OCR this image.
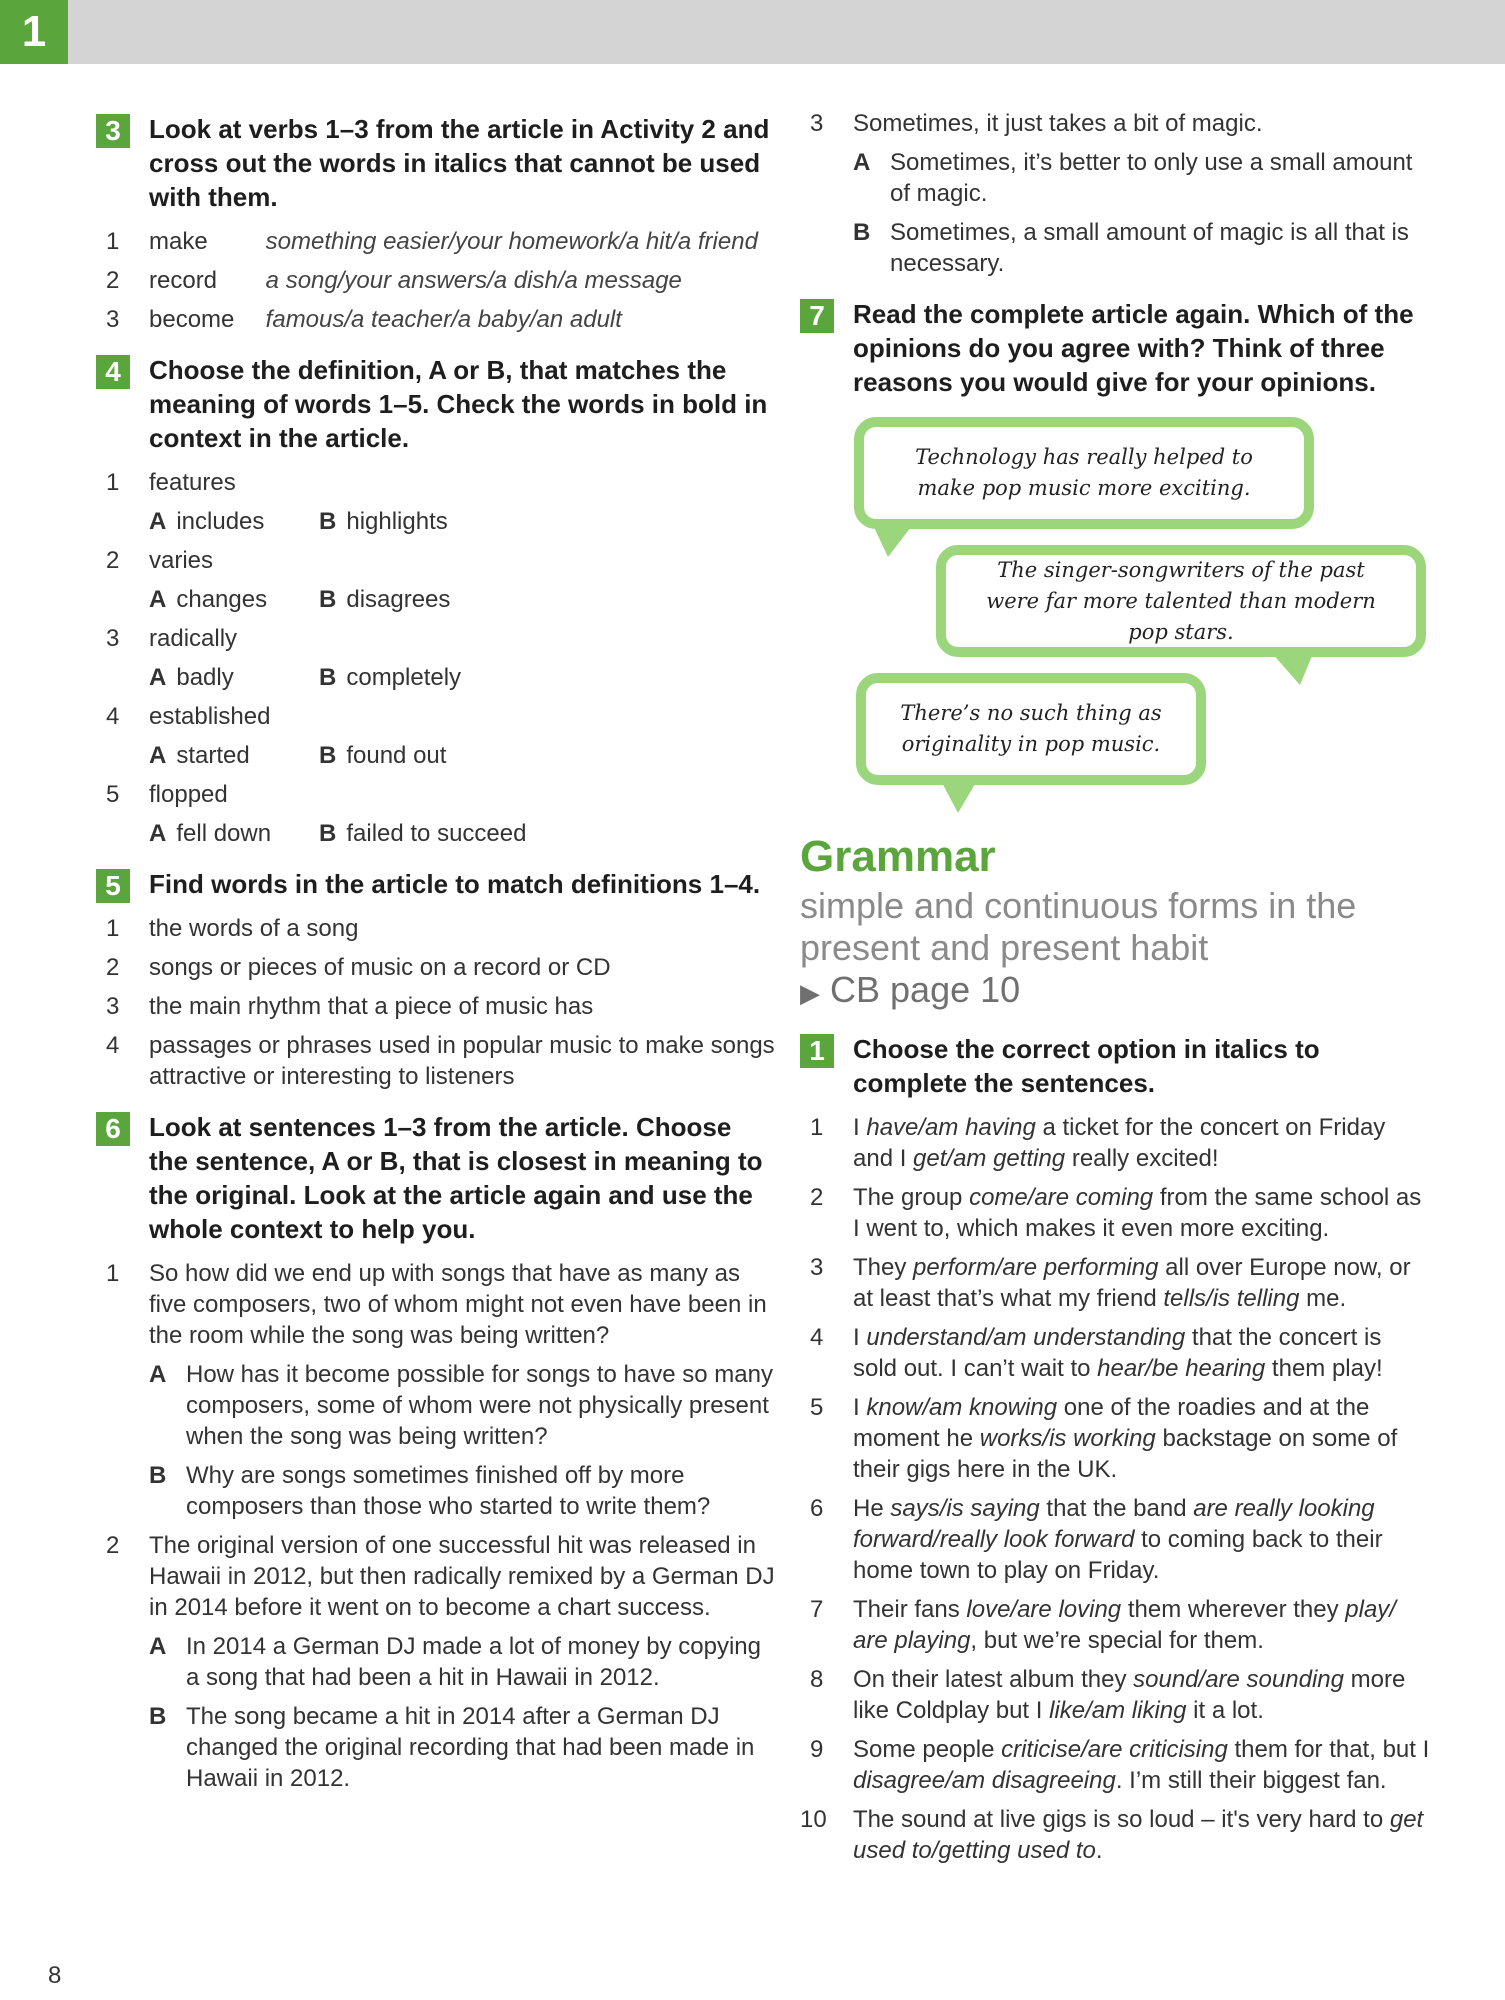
1
3	Look at verbs 1–3 from the article in Activity 2 and cross out the words in italics that cannot be used with them.
1 make something easier/your homework/a hit/a friend
2 record a song/your answers/a dish/a message
3 become famous/a teacher/a baby/an adult
4	Choose the definition, A or B, that matches the meaning of words 1–5. Check the words in bold in context in the article.
1 features
A includes B highlights
2 varies
A changes B disagrees
3 radically
A badly	B completely
4 established
A started	B found out
5 flopped
A fell down B failed to succeed
5	Find words in the article to match definitions 1–4.
1 the words of a song
2 songs or pieces of music on a record or CD
3 the main rhythm that a piece of music has
4 passages or phrases used in popular music to make songs attractive or interesting to listeners
6	Look at sentences 1–3 from the article. Choose the sentence, A or B, that is closest in meaning to the original. Look at the article again and use the whole context to help you.
1 So how did we end up with songs that have as many as five composers, two of whom might not even have been in the room while the song was being written?
A How has it become possible for songs to have so many composers, some of whom were not physically present when the song was being written?
B Why are songs sometimes finished off by more composers than those who started to write them?
2 The original version of one successful hit was released in Hawaii in 2012, but then radically remixed by a German DJ in 2014 before it went on to become a chart success.
A In 2014 a German DJ made a lot of money by copying a song that had been a hit in Hawaii in 2012.
B The song became a hit in 2014 after a German DJ changed the original recording that had been made in Hawaii in 2012.
3 Sometimes, it just takes a bit of magic.
A Sometimes, it’s better to only use a small amount of magic.
B Sometimes, a small amount of magic is all that is necessary.
7	Read the complete article again. Which of the opinions do you agree with? Think of three reasons you would give for your opinions.
Technology has really helped to make pop music more exciting.
The singer-songwriters of the past were far more talented than modern pop stars.
There’s no such thing as originality in pop music.
Grammar
simple and continuous forms in the present and present habit
▶ CB page 10
1	Choose the correct option in italics to complete the sentences.
1 I have/am having a ticket for the concert on Friday and I get/am getting really excited!
2 The group come/are coming from the same school as I went to, which makes it even more exciting.
3 They perform/are performing all over Europe now, or at least that’s what my friend tells/is telling me.
4 I understand/am understanding that the concert is sold out. I can’t wait to hear/be hearing them play!
5 I know/am knowing one of the roadies and at the moment he works/is working backstage on some of their gigs here in the UK.
6 He says/is saying that the band are really looking forward/really look forward to coming back to their home town to play on Friday.
7 Their fans love/are loving them wherever they play/ are playing, but we’re special for them.
8 On their latest album they sound/are sounding more like Coldplay but I like/am liking it a lot.
9 Some people criticise/are criticising them for that, but I disagree/am disagreeing. I’m still their biggest fan.
10 The sound at live gigs is so loud – it's very hard to get used to/getting used to.
8
